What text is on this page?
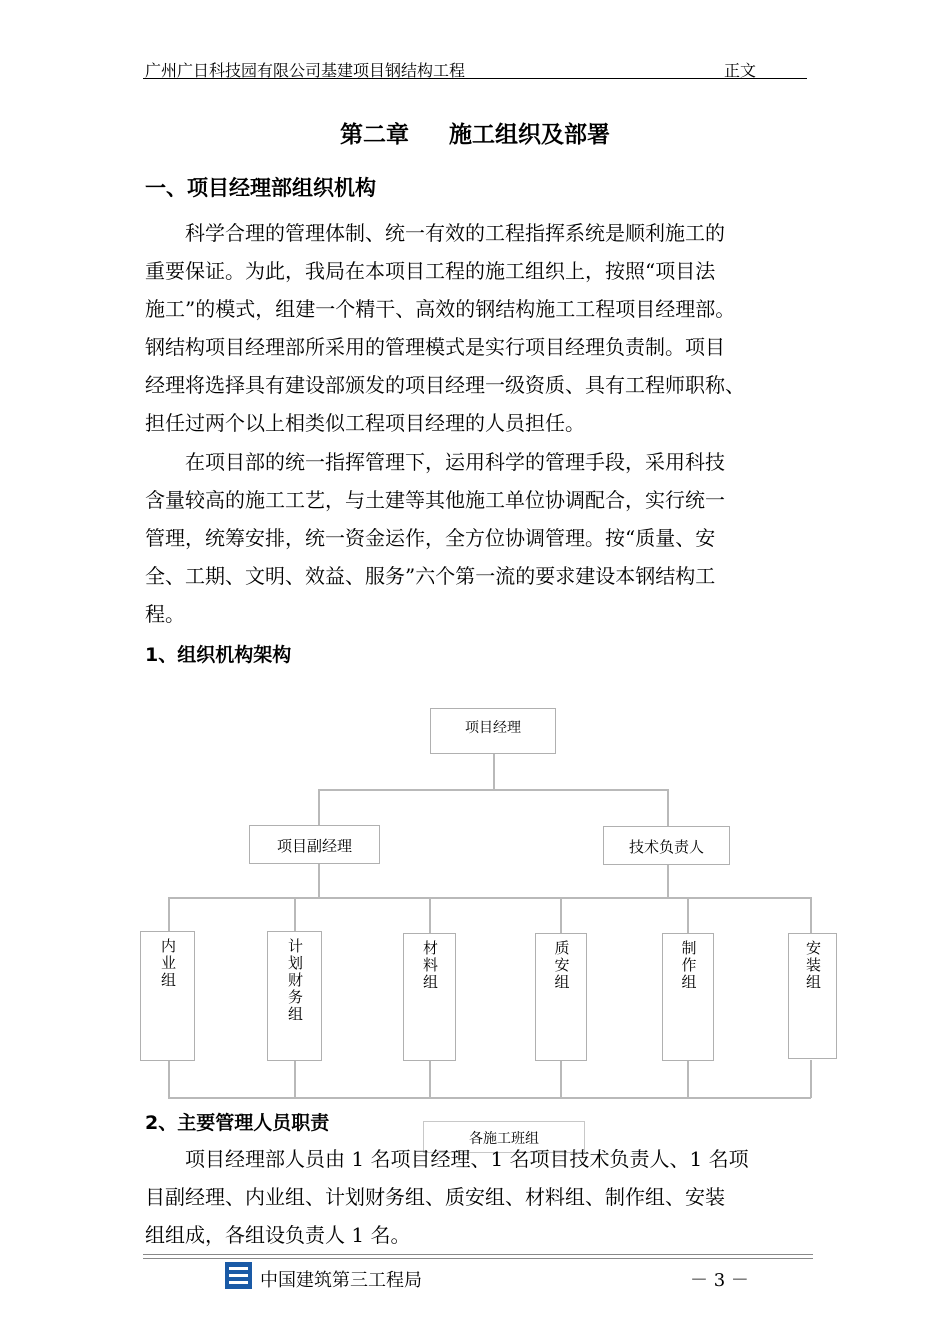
广州广日科技园有限公司基建项目钢结构工程	正文
第二章 施工组织及部署
一、项目经理部组织机构
科学合理的管理体制、统一有效的工程指挥系统是顺利施工的
重要保证。为此，我局在本项目工程的施工组织上，按照“项目法
施工”的模式，组建一个精干、高效的钢结构施工工程项目经理部。
钢结构项目经理部所采用的管理模式是实行项目经理负责制。项目
经理将选择具有建设部颁发的项目经理一级资质、具有工程师职称、
担任过两个以上相类似工程项目经理的人员担任。
在项目部的统一指挥管理下，运用科学的管理手段，采用科技
含量较高的施工工艺，与土建等其他施工单位协调配合，实行统一
管理，统筹安排，统一资金运作，全方位协调管理。按“质量、安
全、工期、文明、效益、服务”六个第一流的要求建设本钢结构工
程。
1、组织机构架构
项目经理
项目副经理	技术负责人
内业组	计划财务组	材料组	质安组	制作组	安装组
各施工班组
2、主要管理人员职责
项目经理部人员由 1 名项目经理、1 名项目技术负责人、1 名项
目副经理、内业组、计划财务组、质安组、材料组、制作组、安装
组组成，各组设负责人 1 名。
中国建筑第三工程局	－ 3 －
